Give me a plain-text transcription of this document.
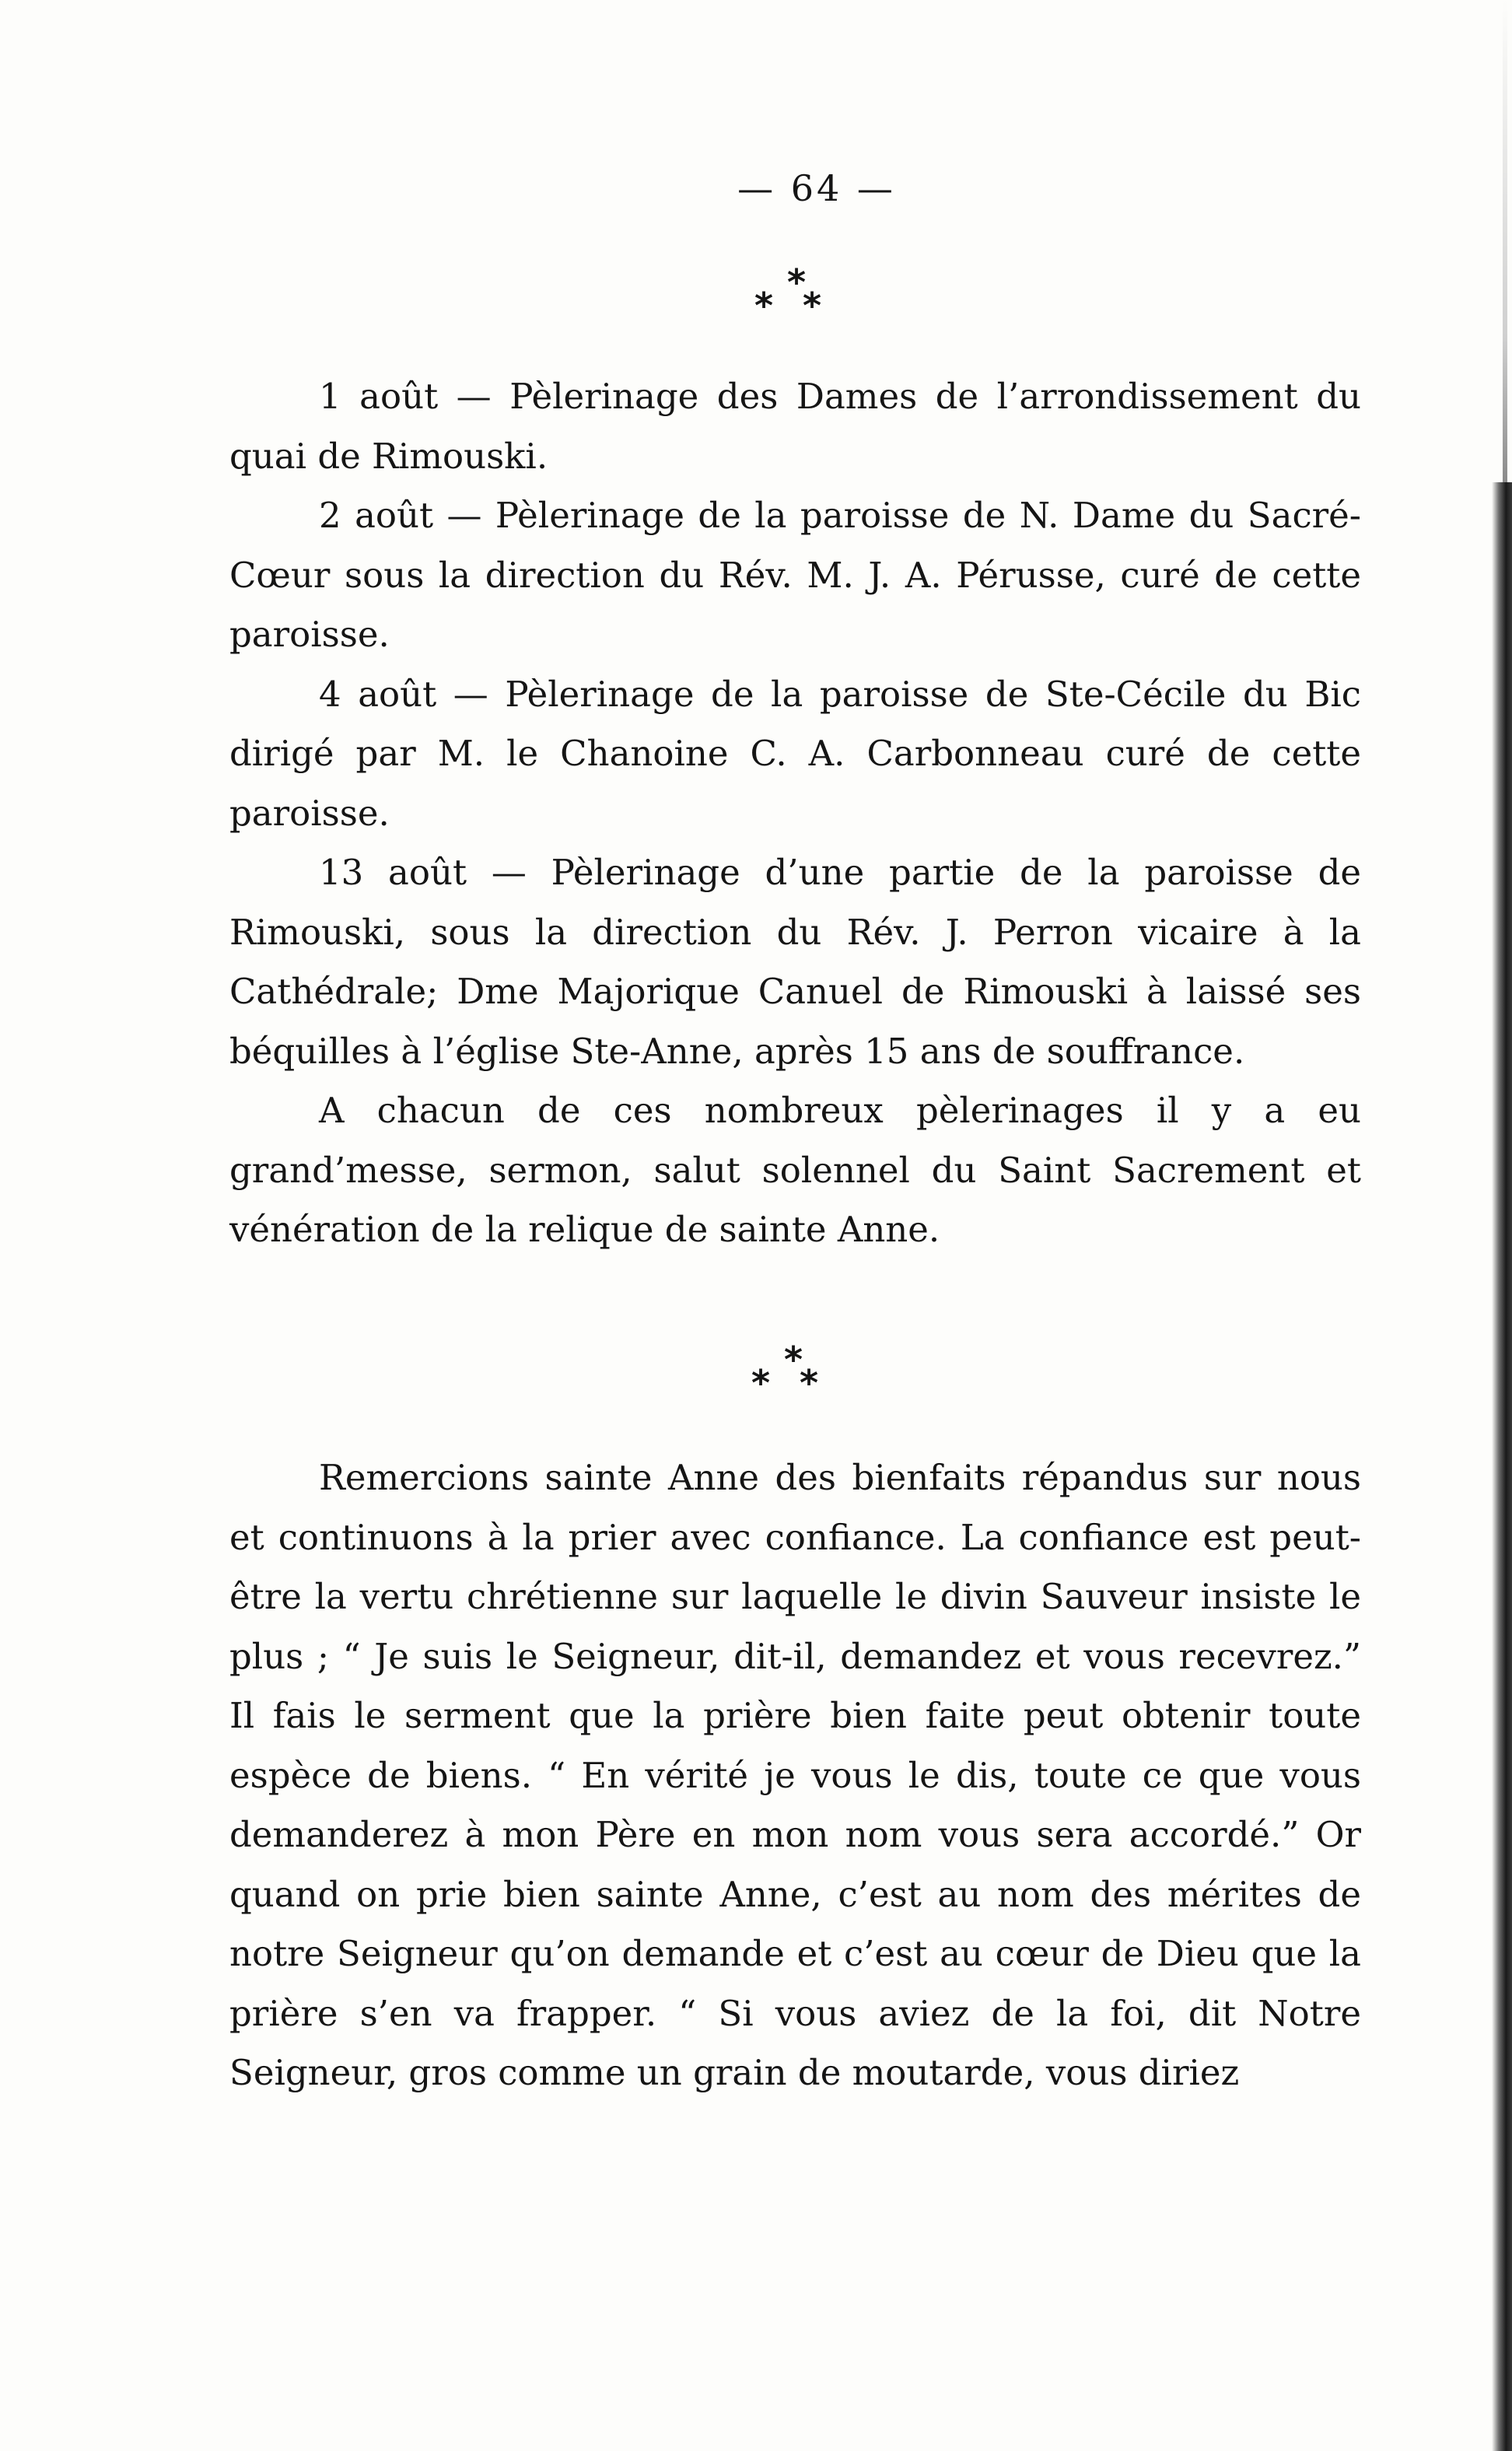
— 64 —
*
* *

1 août — Pèlerinage des Dames de l’arrondissement du quai de Rimouski.

2 août — Pèlerinage de la paroisse de N. Dame du Sacré-Cœur sous la direction du Rév. M. J. A. Pérusse, curé de cette paroisse.

4 août — Pèlerinage de la paroisse de Ste-Cécile du Bic dirigé par M. le Chanoine C. A. Carbonneau curé de cette paroisse.

13 août — Pèlerinage d’une partie de la paroisse de Rimouski, sous la direction du Rév. J. Perron vicaire à la Cathédrale; Dme Majorique Canuel de Rimouski à laissé ses béquilles à l’église Ste-Anne, après 15 ans de souffrance.

A chacun de ces nombreux pèlerinages il y a eu grand’messe, sermon, salut solennel du Saint Sacrement et vénération de la relique de sainte Anne.

*
* *

Remercions sainte Anne des bienfaits répandus sur nous et continuons à la prier avec confiance. La confiance est peut-être la vertu chrétienne sur laquelle le divin Sauveur insiste le plus ; “ Je suis le Seigneur, dit-il, demandez et vous recevrez.” Il fais le serment que la prière bien faite peut obtenir toute espèce de biens. “ En vérité je vous le dis, toute ce que vous demanderez à mon Père en mon nom vous sera accordé.” Or quand on prie bien sainte Anne, c’est au nom des mérites de notre Seigneur qu’on demande et c’est au cœur de Dieu que la prière s’en va frapper. “ Si vous aviez de la foi, dit Notre Seigneur, gros comme un grain de moutarde, vous diriez
